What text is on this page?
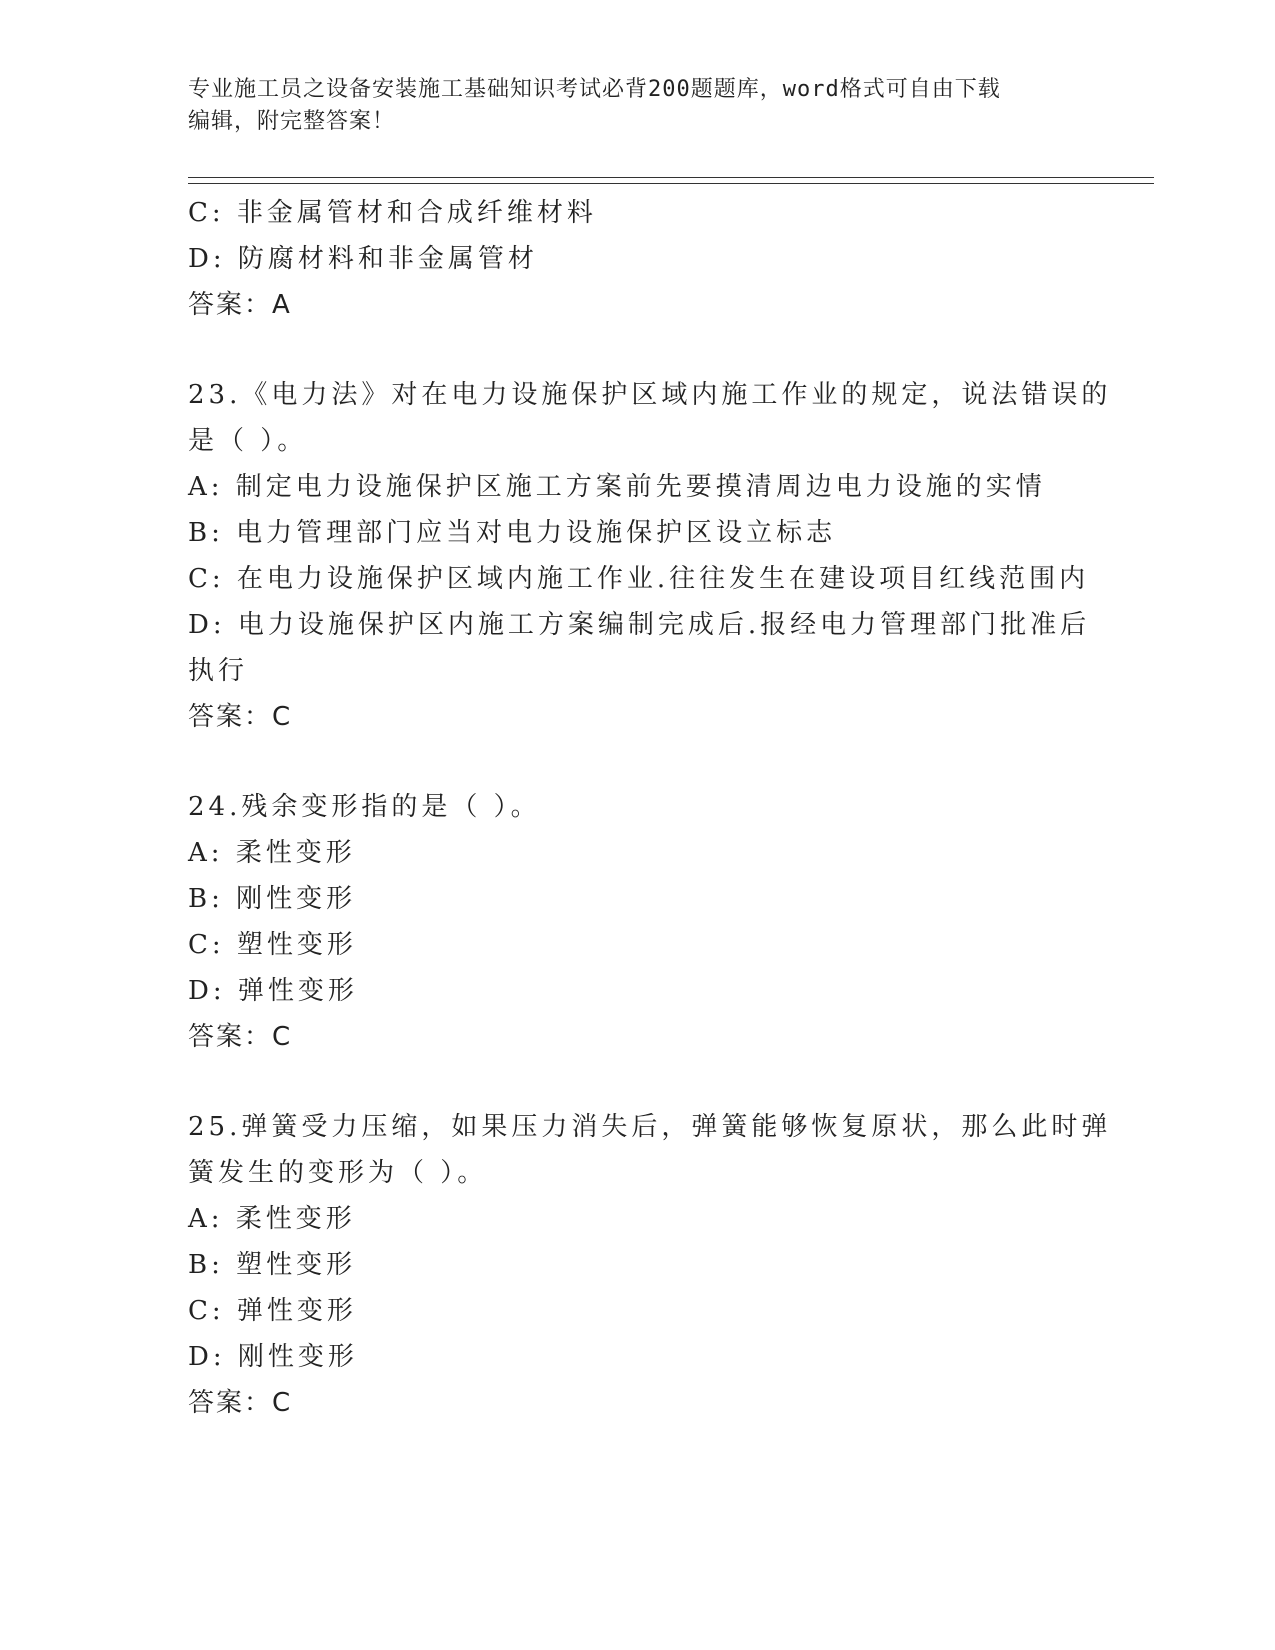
专业施工员之设备安装施工基础知识考试必背200题题库，word格式可自由下载
编辑，附完整答案！
C: 非金属管材和合成纤维材料
D: 防腐材料和非金属管材
答案：A
23.《电力法》对在电力设施保护区域内施工作业的规定，说法错误的
是（ ）。
A: 制定电力设施保护区施工方案前先要摸清周边电力设施的实情
B: 电力管理部门应当对电力设施保护区设立标志
C: 在电力设施保护区域内施工作业.往往发生在建设项目红线范围内
D: 电力设施保护区内施工方案编制完成后.报经电力管理部门批准后
执行
答案：C
24.残余变形指的是（ ）。
A: 柔性变形
B: 刚性变形
C: 塑性变形
D: 弹性变形
答案：C
25.弹簧受力压缩，如果压力消失后，弹簧能够恢复原状，那么此时弹
簧发生的变形为（ ）。
A: 柔性变形
B: 塑性变形
C: 弹性变形
D: 刚性变形
答案：C
